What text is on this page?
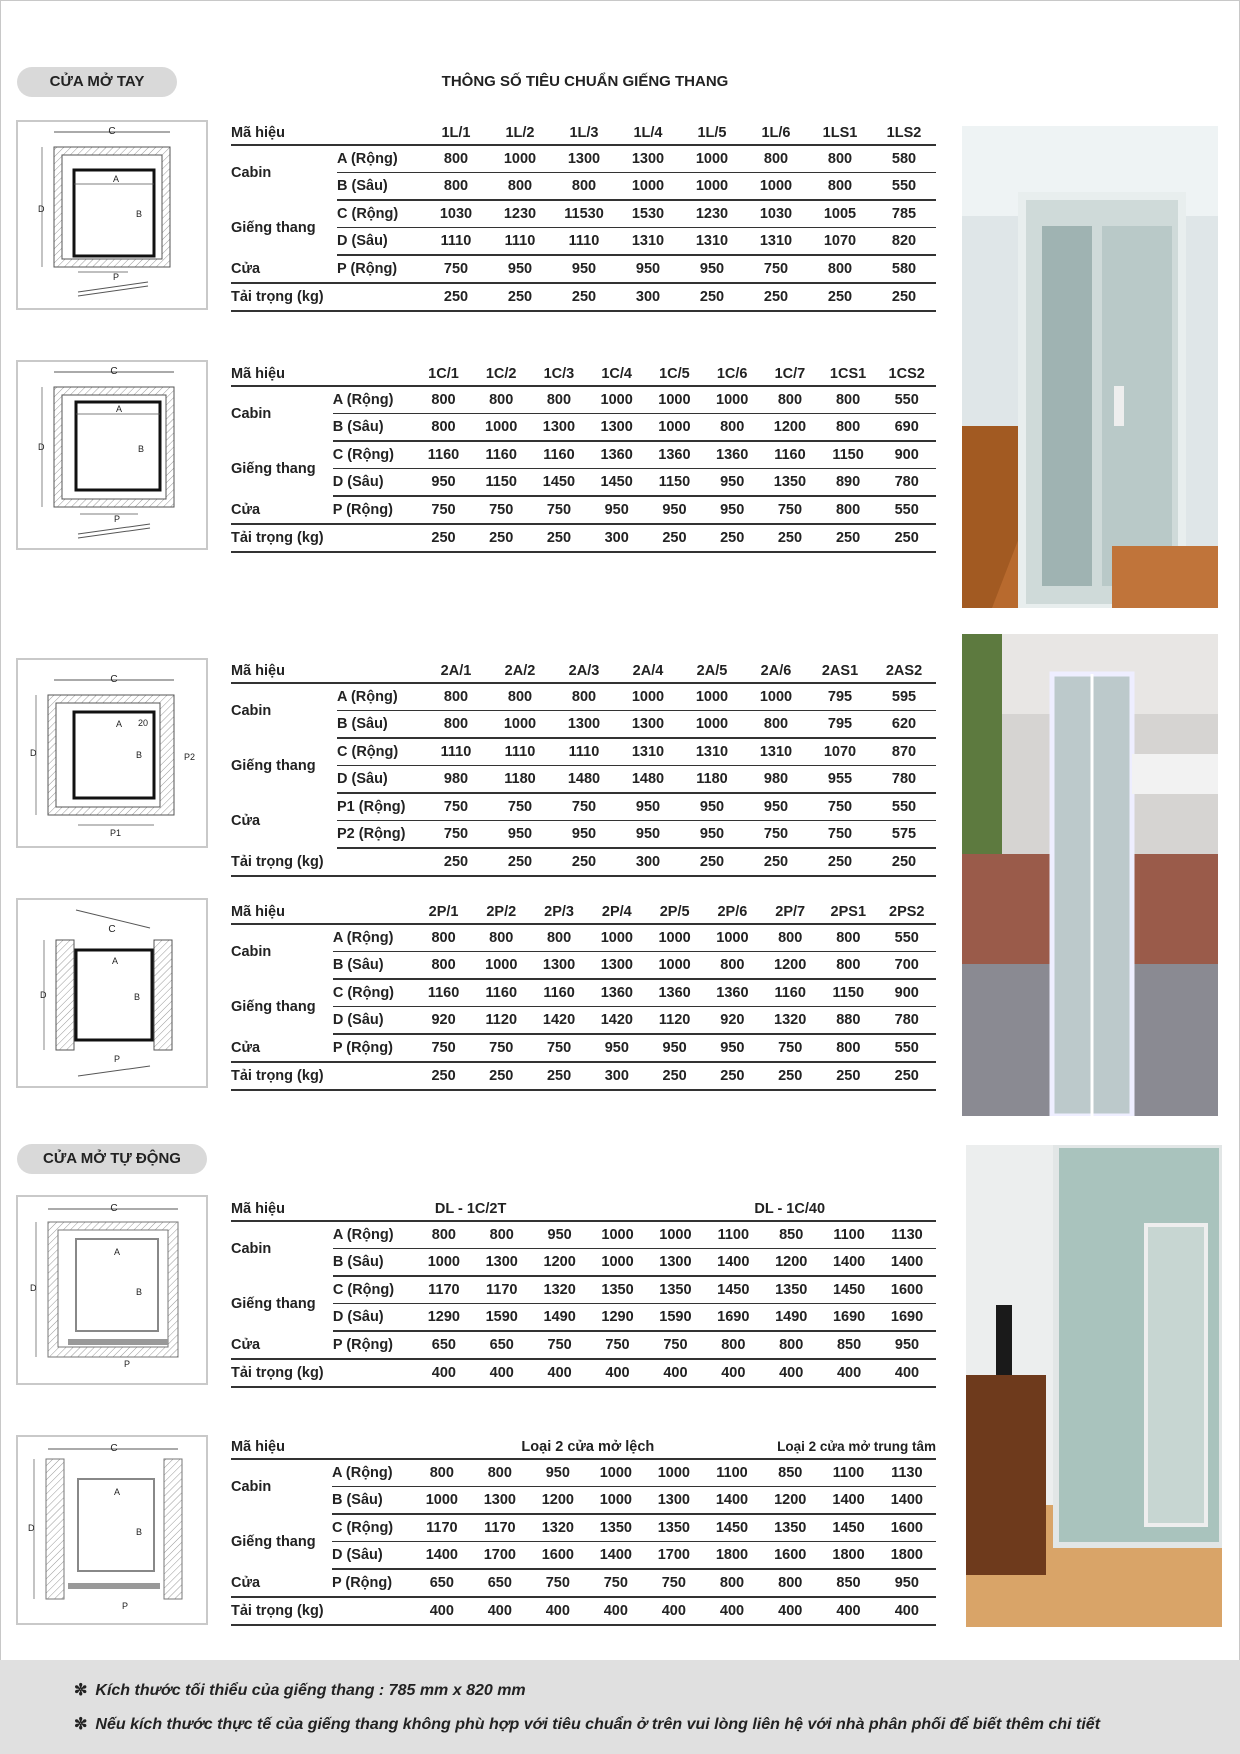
CỬA MỞ TAY	THÔNG SỐ TIÊU CHUẨN GIẾNG THANG
CỬA MỞ TỰ ĐỘNG
C
A
B
D
P
C
A
B
D
P
C
A 20
B	P2
D
P1
C
A
B
D
P
C
A
B
D
P
C
A
B
D
P
Mã hiệu		1L/1	1L/2	1L/3	1L/4	1L/5	1L/6	1LS1	1LS2
Cabin	A (Rộng)	800	1000	1300	1300	1000	800	800	580
	B (Sâu)	800	800	800	1000	1000	1000	800	550
Giếng thang	C (Rộng)	1030	1230	11530	1530	1230	1030	1005	785
	D (Sâu)	1110	1110	1110	1310	1310	1310	1070	820
Cửa	P (Rộng)	750	950	950	950	950	750	800	580
Tải trọng (kg)		250	250	250	300	250	250	250	250
Mã hiệu		1C/1	1C/2	1C/3	1C/4	1C/5	1C/6	1C/7	1CS1	1CS2
Cabin	A (Rộng)	800	800	800	1000	1000	1000	800	800	550
	B (Sâu)	800	1000	1300	1300	1000	800	1200	800	690
Giếng thang	C (Rộng)	1160	1160	1160	1360	1360	1360	1160	1150	900
	D (Sâu)	950	1150	1450	1450	1150	950	1350	890	780
Cửa	P (Rộng)	750	750	750	950	950	950	750	800	550
Tải trọng (kg)		250	250	250	300	250	250	250	250	250
Mã hiệu		2A/1	2A/2	2A/3	2A/4	2A/5	2A/6	2AS1	2AS2
Cabin	A (Rộng)	800	800	800	1000	1000	1000	795	595
	B (Sâu)	800	1000	1300	1300	1000	800	795	620
Giếng thang	C (Rộng)	1110	1110	1110	1310	1310	1310	1070	870
	D (Sâu)	980	1180	1480	1480	1180	980	955	780
Cửa	P1 (Rộng)	750	750	750	950	950	950	750	550
	P2 (Rộng)	750	950	950	950	950	750	750	575
Tải trọng (kg)		250	250	250	300	250	250	250	250
Mã hiệu		2P/1	2P/2	2P/3	2P/4	2P/5	2P/6	2P/7	2PS1	2PS2
Cabin	A (Rộng)	800	800	800	1000	1000	1000	800	800	550
	B (Sâu)	800	1000	1300	1300	1000	800	1200	800	700
Giếng thang	C (Rộng)	1160	1160	1160	1360	1360	1360	1160	1150	900
	D (Sâu)	920	1120	1420	1420	1120	920	1320	880	780
Cửa	P (Rộng)	750	750	750	950	950	950	750	800	550
Tải trọng (kg)		250	250	250	300	250	250	250	250	250
Mã hiệu		DL - 1C/2T					DL - 1C/40			
Cabin	A (Rộng)	800	800	950	1000	1000	1100	850	1100	1130
	B (Sâu)	1000	1300	1200	1000	1300	1400	1200	1400	1400
Giếng thang	C (Rộng)	1170	1170	1320	1350	1350	1450	1350	1450	1600
	D (Sâu)	1290	1590	1490	1290	1590	1690	1490	1690	1690
Cửa	P (Rộng)	650	650	750	750	750	800	800	850	950
Tải trọng (kg)		400	400	400	400	400	400	400	400	400
Mã hiệu		Loại 2 cửa mở lệch					Loại 2 cửa mở trung tâm			
Cabin	A (Rộng)	800	800	950	1000	1000	1100	850	1100	1130
	B (Sâu)	1000	1300	1200	1000	1300	1400	1200	1400	1400
Giếng thang	C (Rộng)	1170	1170	1320	1350	1350	1450	1350	1450	1600
	D (Sâu)	1400	1700	1600	1400	1700	1800	1600	1800	1800
Cửa	P (Rộng)	650	650	750	750	750	800	800	850	950
Tải trọng (kg)		400	400	400	400	400	400	400	400	400

✼ Kích thước tối thiểu của giếng thang : 785 mm x 820 mm

✼ Nếu kích thước thực tế của giếng thang không phù hợp với tiêu chuẩn ở trên vui lòng liên hệ với nhà phân phối để biết thêm chi tiết
